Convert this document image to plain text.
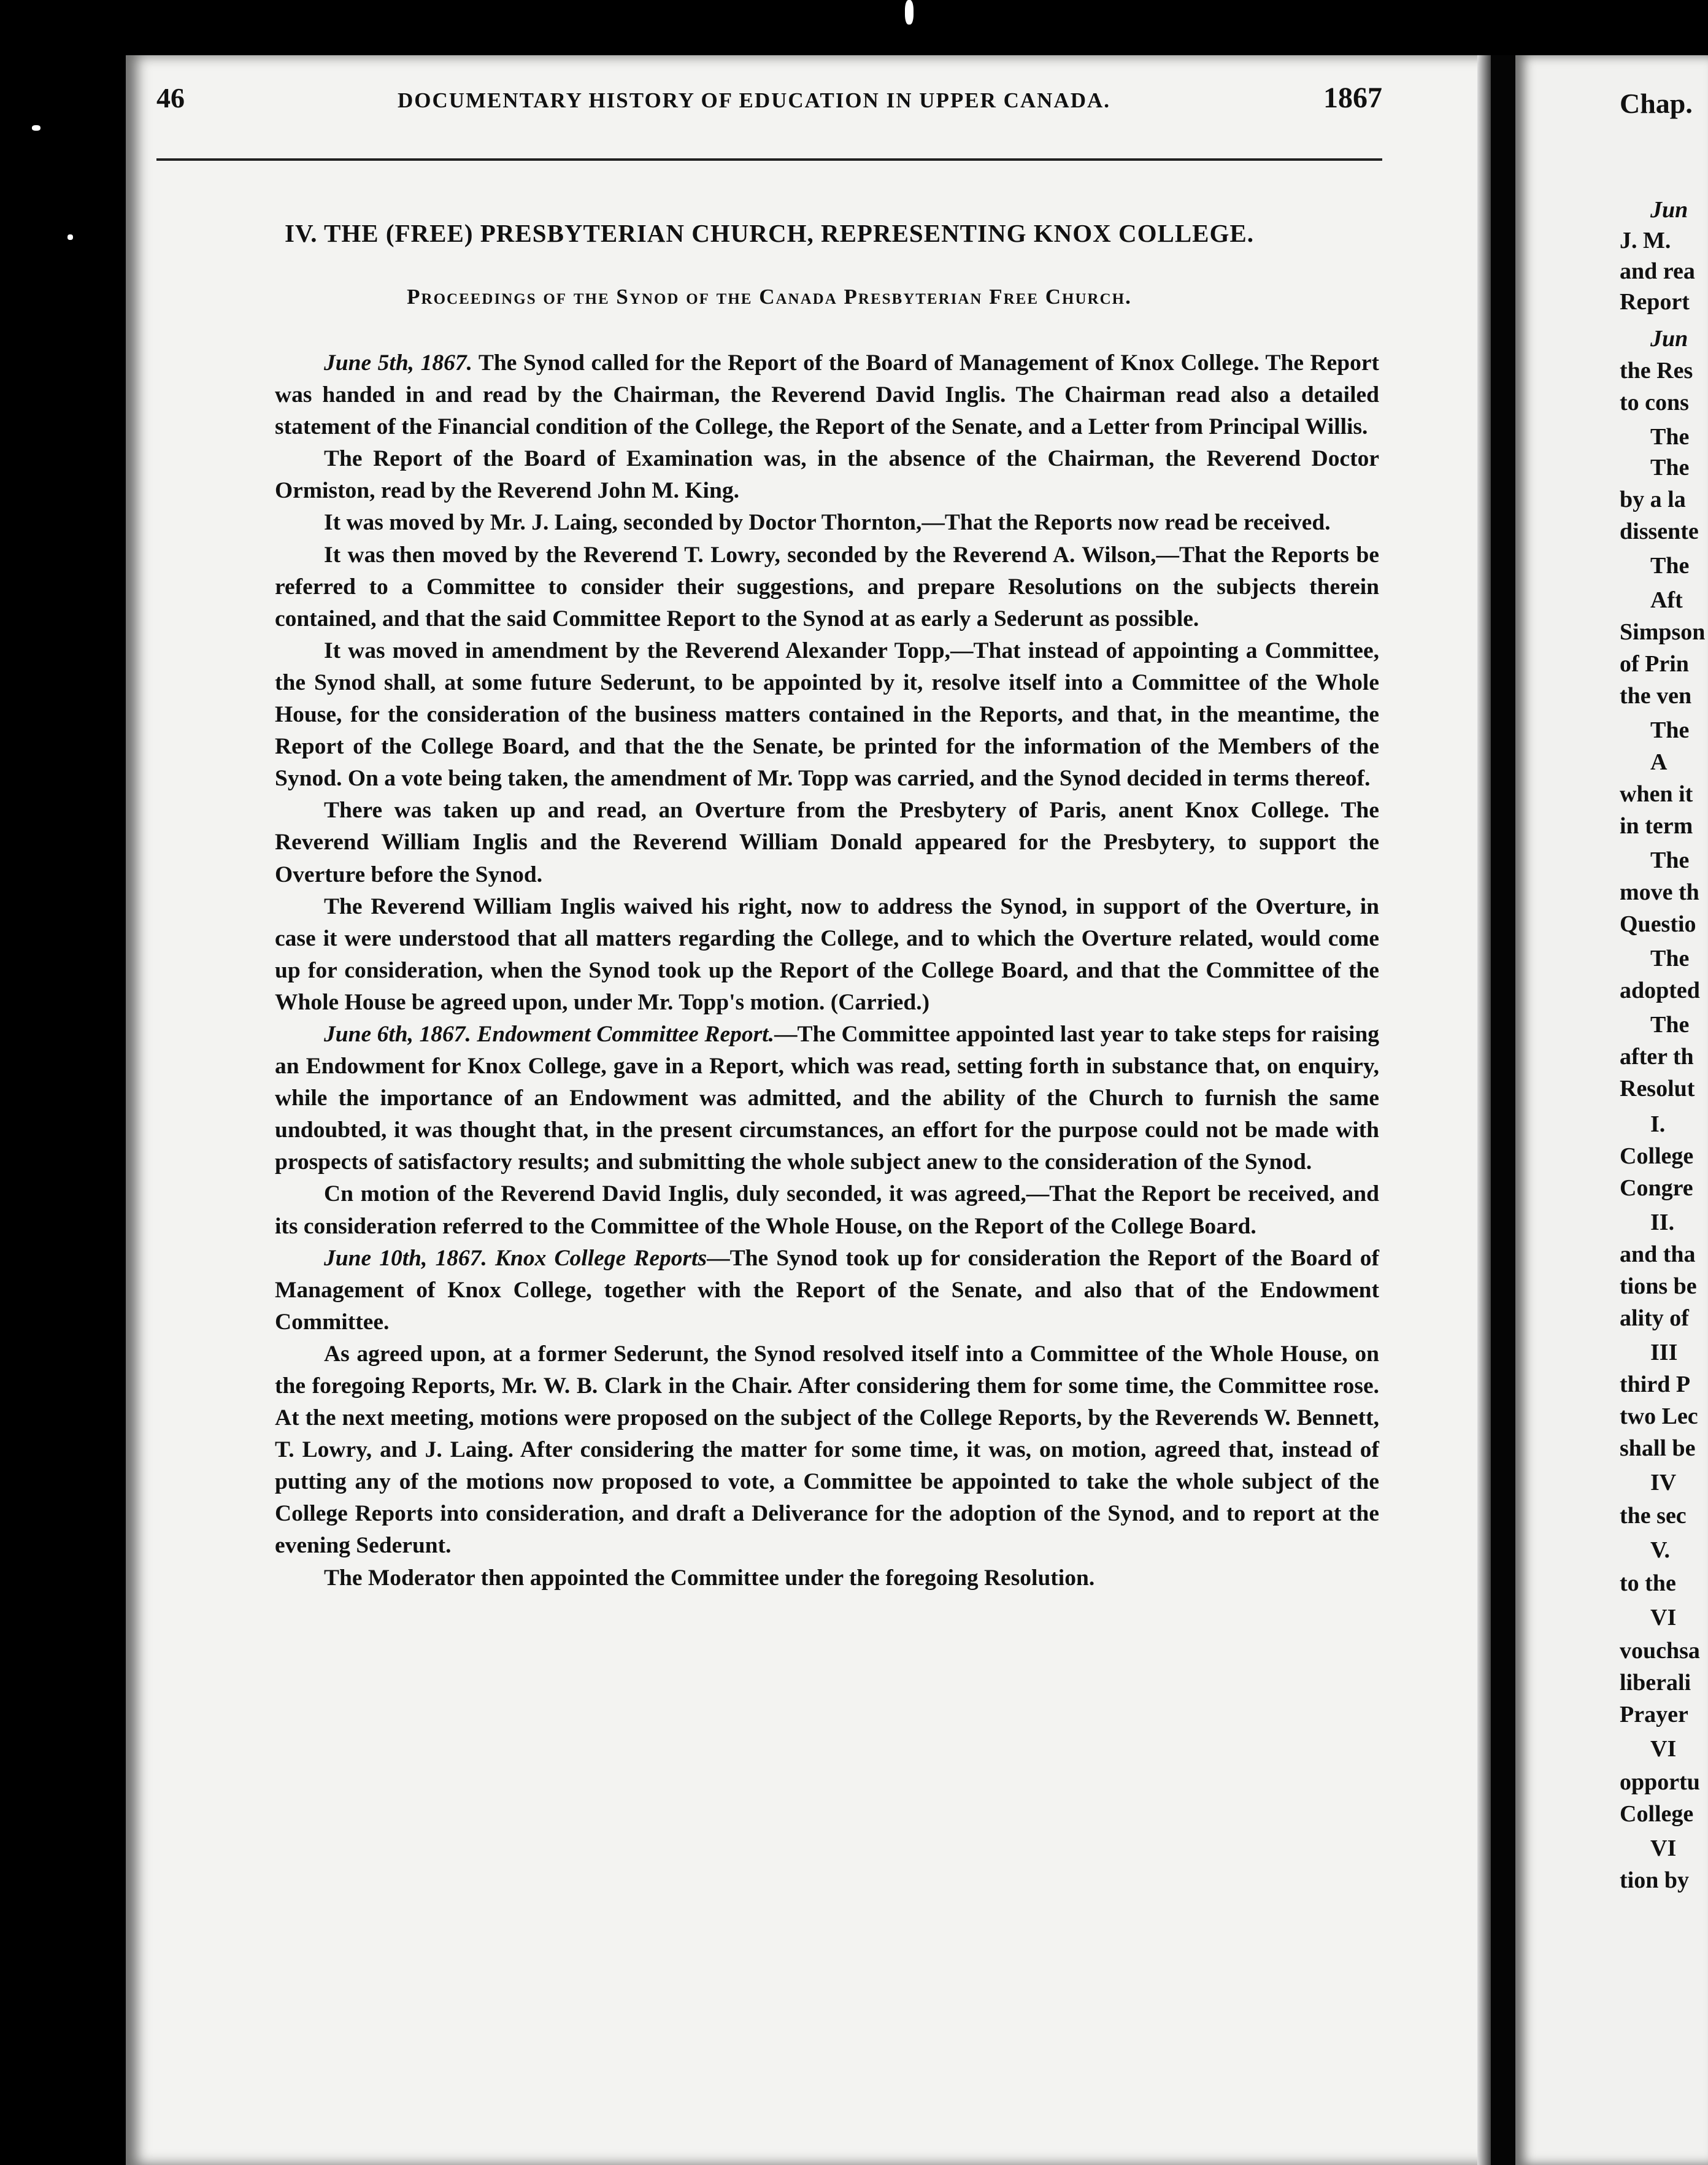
46	DOCUMENTARY HISTORY OF EDUCATION IN UPPER CANADA.	1867
IV. THE (FREE) PRESBYTERIAN CHURCH, REPRESENTING KNOX COLLEGE.
Proceedings of the Synod of the Canada Presbyterian Free Church.

June 5th, 1867. The Synod called for the Report of the Board of Management of Knox College. The Report was handed in and read by the Chairman, the Reverend David Inglis. The Chairman read also a detailed statement of the Financial condition of the College, the Report of the Senate, and a Letter from Principal Willis.

The Report of the Board of Examination was, in the absence of the Chairman, the Reverend Doctor Ormiston, read by the Reverend John M. King.

It was moved by Mr. J. Laing, seconded by Doctor Thornton,—That the Reports now read be received.

It was then moved by the Reverend T. Lowry, seconded by the Reverend A. Wilson,—That the Reports be referred to a Committee to consider their suggestions, and prepare Resolutions on the subjects therein contained, and that the said Committee Report to the Synod at as early a Sederunt as possible.

It was moved in amendment by the Reverend Alexander Topp,—That instead of appointing a Committee, the Synod shall, at some future Sederunt, to be appointed by it, resolve itself into a Committee of the Whole House, for the consideration of the business matters contained in the Reports, and that, in the meantime, the Report of the College Board, and that the the Senate, be printed for the information of the Members of the Synod. On a vote being taken, the amendment of Mr. Topp was carried, and the Synod decided in terms thereof.

There was taken up and read, an Overture from the Presbytery of Paris, anent Knox College. The Reverend William Inglis and the Reverend William Donald appeared for the Presbytery, to support the Overture before the Synod.

The Reverend William Inglis waived his right, now to address the Synod, in support of the Overture, in case it were understood that all matters regarding the College, and to which the Overture related, would come up for consideration, when the Synod took up the Report of the College Board, and that the Committee of the Whole House be agreed upon, under Mr. Topp's motion. (Carried.)

June 6th, 1867. Endowment Committee Report.—The Committee appointed last year to take steps for raising an Endowment for Knox College, gave in a Report, which was read, setting forth in substance that, on enquiry, while the importance of an Endowment was admitted, and the ability of the Church to furnish the same undoubted, it was thought that, in the present circumstances, an effort for the purpose could not be made with prospects of satisfactory results; and submitting the whole subject anew to the consideration of the Synod.

Cn motion of the Reverend David Inglis, duly seconded, it was agreed,—That the Report be received, and its consideration referred to the Committee of the Whole House, on the Report of the College Board.

June 10th, 1867. Knox College Reports—The Synod took up for consideration the Report of the Board of Management of Knox College, together with the Report of the Senate, and also that of the Endowment Committee.

As agreed upon, at a former Sederunt, the Synod resolved itself into a Committee of the Whole House, on the foregoing Reports, Mr. W. B. Clark in the Chair. After considering them for some time, the Committee rose. At the next meeting, motions were proposed on the subject of the College Reports, by the Reverends W. Bennett, T. Lowry, and J. Laing. After considering the matter for some time, it was, on motion, agreed that, instead of putting any of the motions now proposed to vote, a Committee be appointed to take the whole subject of the College Reports into consideration, and draft a Deliverance for the adoption of the Synod, and to report at the evening Sederunt.

The Moderator then appointed the Committee under the foregoing Resolution.

Chap.
Jun
J. M.
and rea
Report
Jun
the Res
to cons
The
The
by a la
dissente
The
Aft
Simpson
of Prin
the ven
The
A
when it
in term
The
move th
Questio
The
adopted
The
after th
Resolut
I.
College
Congre
II.
and tha
tions be
ality of
III
third P
two Lec
shall be
IV
the sec
V.
to the
VI
vouchsa
liberali
Prayer
VI
opportu
College
VI
tion by
